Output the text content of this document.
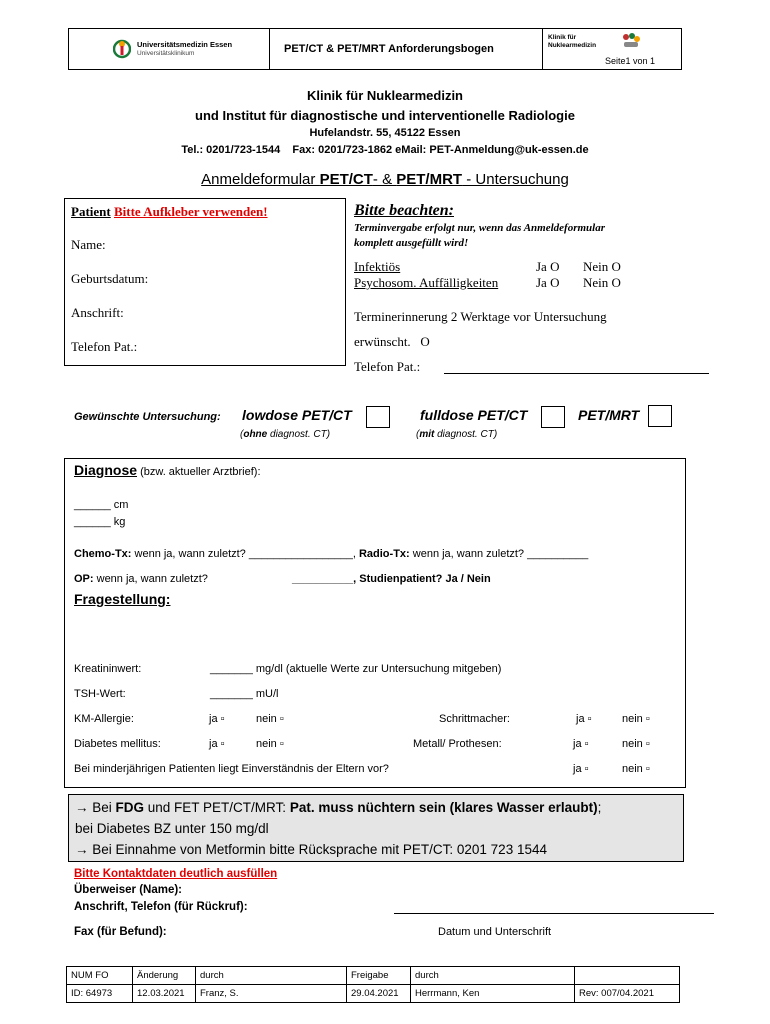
Universitätsmedizin Essen
Universitätsklinikum	PET/CT & PET/MRT Anforderungsbogen
Klinik für
Nuklearmedizin
Seite1 von 1
Klinik für Nuklearmedizin
und Institut für diagnostische und interventionelle Radiologie
Hufelandstr. 55, 45122 Essen
Tel.: 0201/723-1544    Fax: 0201/723-1862 eMail: PET-Anmeldung@uk-essen.de
Anmeldeformular PET/CT- & PET/MRT - Untersuchung
Patient Bitte Aufkleber verwenden!
Name:
Geburtsdatum:
Anschrift:
Telefon Pat.:
Bitte beachten:
Terminvergabe erfolgt nur, wenn das Anmeldeformular
komplett ausgefüllt wird!
Infektiös	Ja O Nein O
Psychosom. Auffälligkeiten	Ja O Nein O
Terminerinnerung 2 Werktage vor Untersuchung
erwünscht.   O
Telefon Pat.:
Gewünschte Untersuchung: lowdose PET/CT
(ohne diagnost. CT)
fulldose PET/CT
(mit diagnost. CT)
PET/MRT
Diagnose (bzw. aktueller Arztbrief):
______ cm
______ kg
Chemo-Tx: wenn ja, wann zuletzt? _________________, Radio-Tx: wenn ja, wann zuletzt? __________
OP: wenn ja, wann zuletzt?	__________, Studienpatient? Ja / Nein
Fragestellung:
Kreatininwert:	_______ mg/dl (aktuelle Werte zur Untersuchung mitgeben)
TSH-Wert:	_______ mU/l
KM-Allergie:	ja ▫	nein ▫	Schrittmacher:	ja ▫	nein ▫
Diabetes mellitus:	ja ▫	nein ▫	Metall/ Prothesen:	ja ▫	nein ▫
Bei minderjährigen Patienten liegt Einverständnis der Eltern vor?	ja ▫	nein ▫
→ Bei FDG und FET PET/CT/MRT: Pat. muss nüchtern sein (klares Wasser erlaubt);
bei Diabetes BZ unter 150 mg/dl
→ Bei Einnahme von Metformin bitte Rücksprache mit PET/CT: 0201 723 1544
Bitte Kontaktdaten deutlich ausfüllen
Überweiser (Name):
Anschrift, Telefon (für Rückruf):
Fax (für Befund):	Datum und Unterschrift
NUM FO	Änderung	durch	Freigabe	durch	
ID: 64973	12.03.2021	Franz, S.	29.04.2021	Herrmann, Ken	Rev: 007/04.2021
